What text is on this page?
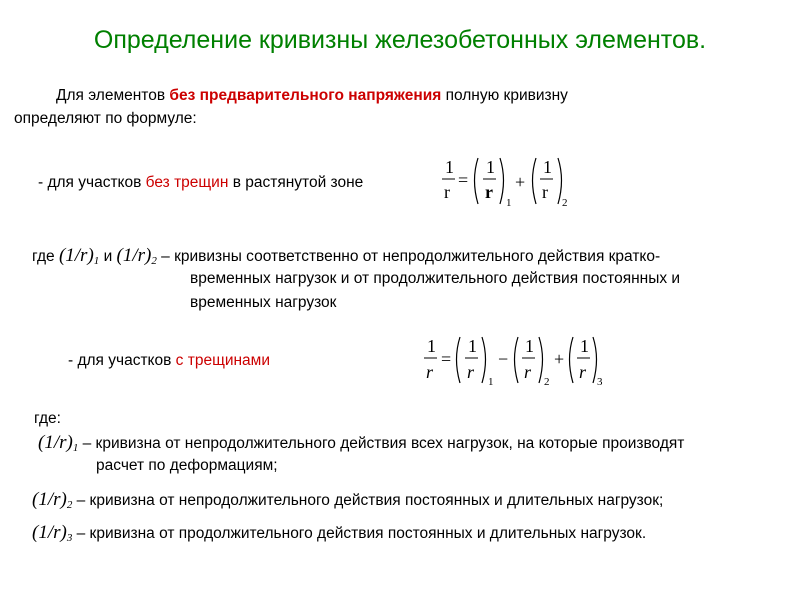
Определение кривизны железобетонных элементов.
Для элементов без предварительного напряжения полную кривизну
определяют по формуле:
- для участков без трещин в растянутой зоне
1
r
=
1
r
1
+
1
r
2
где $(1/r)_1$ и $(1/r)_2$ – кривизны соответственно от непродолжительного действия кратко-
временных нагрузок и от продолжительного действия постоянных и
временных нагрузок
- для участков с трещинами
1
r
=
1
r 1
−
1
r 2
+
1
r 3
где:
$(1/r)_1$ – кривизна от непродолжительного действия всех нагрузок, на которые производят
расчет по деформациям;
$(1/r)_2$ – кривизна от непродолжительного действия постоянных и длительных нагрузок;
$(1/r)_3$ – кривизна от продолжительного действия постоянных и длительных нагрузок.
